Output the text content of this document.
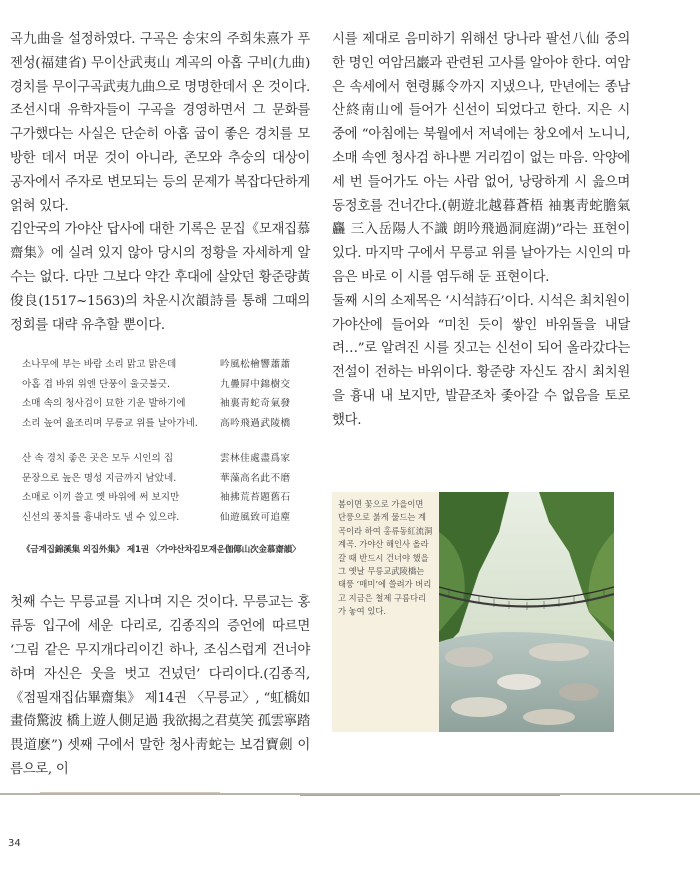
곡九曲을 설정하였다. 구곡은 송宋의 주희朱熹가 푸젠성(福建省) 무이산武夷山 계곡의 아홉 구비(九曲) 경치를 무이구곡武夷九曲으로 명명한데서 온 것이다. 조선시대 유학자들이 구곡을 경영하면서 그 문화를 구가했다는 사실은 단순히 아홉 굽이 좋은 경치를 모방한 데서 머문 것이 아니라, 존모와 추숭의 대상이 공자에서 주자로 변모되는 등의 문제가 복잡다단하게 얽혀 있다.

김안국의 가야산 답사에 대한 기록은 문집《모재집慕齋集》에 실려 있지 않아 당시의 정황을 자세하게 알 수는 없다. 다만 그보다 약간 후대에 살았던 황준량黃俊良(1517~1563)의 차운시次韻詩를 통해 그때의 정회를 대략 유추할 뿐이다.

소나무에 부는 바람 소리 맑고 맑은데	吟風松檜響蕭蕭
아홉 겹 바위 위엔 단풍이 울긋불긋.	九疊屛中錦樹交
소매 속의 청사검이 묘한 기운 발하기에	袖裏靑蛇奇氣發
소리 높여 읊조리며 무릉교 위를 날아가네. 高吟飛過武陵橋
산 속 경치 좋은 곳은 모두 시인의 집	雲林佳處盡爲家
문장으로 높은 명성 지금까지 남았네.	華藻高名此不磨
소매로 이끼 쓸고 옛 바위에 써 보지만	袖拂荒苔題舊石
신선의 풍치를 흉내라도 낼 수 있으랴.	仙遊風致可追塵
《금계집錦溪集 외집外集》 제1권 〈가야산차김모재운伽倻山次金慕齋韻〉

첫째 수는 무릉교를 지나며 지은 것이다. 무릉교는 홍류동 입구에 세운 다리로, 김종직의 증언에 따르면 ‘그림 같은 무지개다리이긴 하나, 조심스럽게 건너야 하며 자신은 웃을 벗고 건넜던’ 다리이다.(김종직, 《점필재집佔畢齋集》 제14권 〈무릉교〉, “虹橋如畫倚驚波 橋上遊人側足過 我欲揭之君莫笑 孤雲寧踏畏道麽”) 셋째 구에서 말한 청사靑蛇는 보검寶劍 이름으로, 이

시를 제대로 음미하기 위해선 당나라 팔선八仙 중의 한 명인 여암呂巖과 관련된 고사를 알아야 한다. 여암은 속세에서 현령縣令까지 지냈으나, 만년에는 종남산終南山에 들어가 신선이 되었다고 한다. 지은 시 중에 “아침에는 북월에서 저녁에는 창오에서 노니니, 소매 속엔 청사검 하나뿐 거리낌이 없는 마음. 악양에 세 번 들어가도 아는 사람 없어, 낭랑하게 시 읊으며 동정호를 건너간다.(朝遊北越暮蒼梧 袖裏靑蛇膽氣麤 三入岳陽人不識 朗吟飛過洞庭湖)”라는 표현이 있다. 마지막 구에서 무릉교 위를 날아가는 시인의 마음은 바로 이 시를 염두해 둔 표현이다.

둘째 시의 소제목은 ‘시석詩石’이다. 시석은 최치원이 가야산에 들어와 “미친 듯이 쌓인 바위돌을 내달려…”로 알려진 시를 짓고는 신선이 되어 올라갔다는 전설이 전하는 바위이다. 황준량 자신도 잠시 최치원을 흉내 내 보지만, 발끝조차 좇아갈 수 없음을 토로했다.

봄이면 꽃으로 가을이면 단풍으로 붉게 물드는 계곡이라 하여 홍류동紅流洞계곡. 가야산 해인사 올라갈 때 반드시 건너야 했을 그 옛날 무릉교武陵橋는 태풍 ‘매미’에 쓸려가 버리고 지금은 철제 구름다리가 놓여 있다.

34
